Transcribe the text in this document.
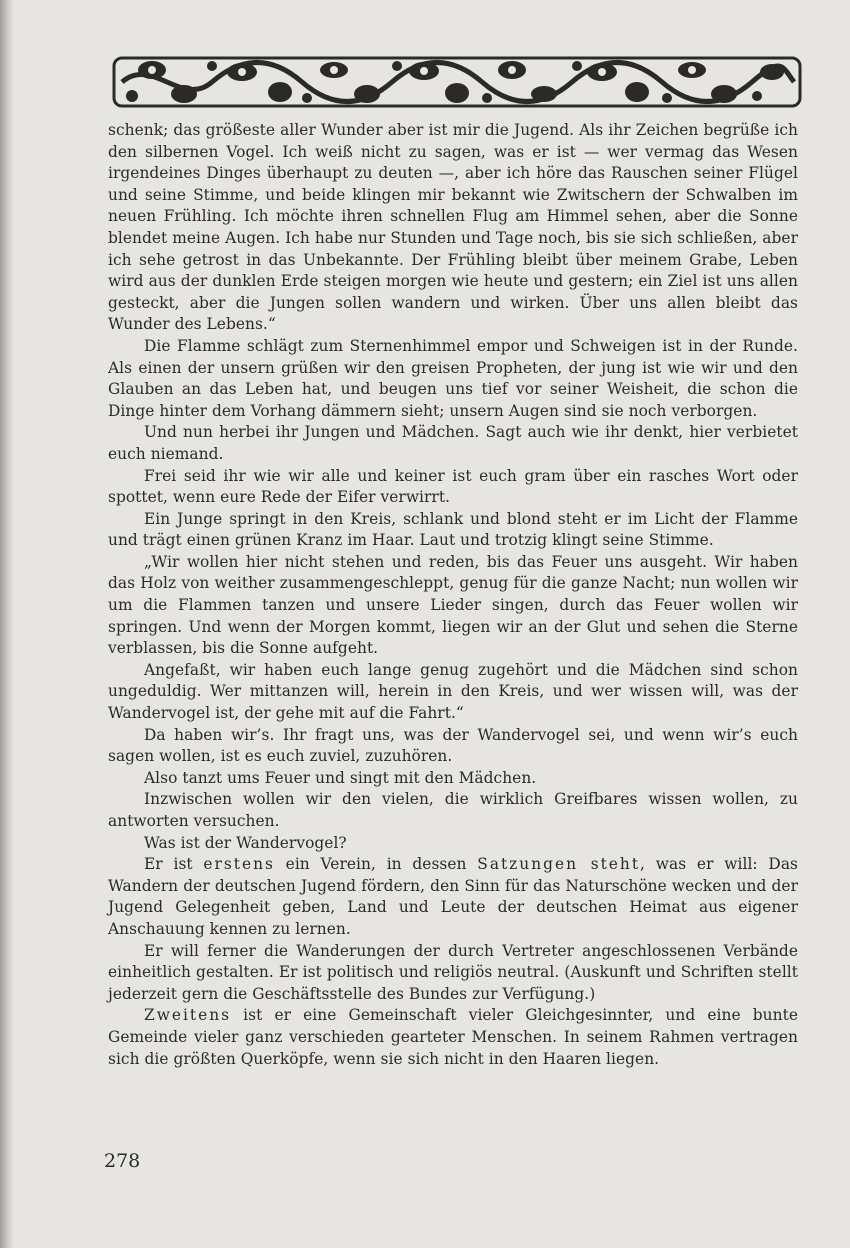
schenk; das größeste aller Wunder aber ist mir die Jugend. Als ihr Zeichen begrüße ich den silbernen Vogel. Ich weiß nicht zu sagen, was er ist — wer vermag das Wesen irgendeines Dinges überhaupt zu deuten —, aber ich höre das Rauschen seiner Flügel und seine Stimme, und beide klingen mir bekannt wie Zwitschern der Schwalben im neuen Frühling. Ich möchte ihren schnellen Flug am Himmel sehen, aber die Sonne blendet meine Augen. Ich habe nur Stunden und Tage noch, bis sie sich schließen, aber ich sehe getrost in das Unbekannte. Der Frühling bleibt über meinem Grabe, Leben wird aus der dunklen Erde steigen morgen wie heute und gestern; ein Ziel ist uns allen gesteckt, aber die Jungen sollen wandern und wirken. Über uns allen bleibt das Wunder des Lebens.“

Die Flamme schlägt zum Sternenhimmel empor und Schweigen ist in der Runde. Als einen der unsern grüßen wir den greisen Propheten, der jung ist wie wir und den Glauben an das Leben hat, und beugen uns tief vor seiner Weisheit, die schon die Dinge hinter dem Vorhang dämmern sieht; unsern Augen sind sie noch verborgen.

Und nun herbei ihr Jungen und Mädchen. Sagt auch wie ihr denkt, hier verbietet euch niemand.

Frei seid ihr wie wir alle und keiner ist euch gram über ein rasches Wort oder spottet, wenn eure Rede der Eifer verwirrt.

Ein Junge springt in den Kreis, schlank und blond steht er im Licht der Flamme und trägt einen grünen Kranz im Haar. Laut und trotzig klingt seine Stimme.

„Wir wollen hier nicht stehen und reden, bis das Feuer uns ausgeht. Wir haben das Holz von weither zusammengeschleppt, genug für die ganze Nacht; nun wollen wir um die Flammen tanzen und unsere Lieder singen, durch das Feuer wollen wir springen. Und wenn der Morgen kommt, liegen wir an der Glut und sehen die Sterne verblassen, bis die Sonne aufgeht.

Angefaßt, wir haben euch lange genug zugehört und die Mädchen sind schon ungeduldig. Wer mittanzen will, herein in den Kreis, und wer wissen will, was der Wandervogel ist, der gehe mit auf die Fahrt.“

Da haben wir’s. Ihr fragt uns, was der Wandervogel sei, und wenn wir’s euch sagen wollen, ist es euch zuviel, zuzuhören.

Also tanzt ums Feuer und singt mit den Mädchen.

Inzwischen wollen wir den vielen, die wirklich Greifbares wissen wollen, zu antworten versuchen.

Was ist der Wandervogel?

Er ist erstens ein Verein, in dessen Satzungen steht, was er will: Das Wandern der deutschen Jugend fördern, den Sinn für das Naturschöne wecken und der Jugend Gelegenheit geben, Land und Leute der deutschen Heimat aus eigener Anschauung kennen zu lernen.

Er will ferner die Wanderungen der durch Vertreter angeschlossenen Verbände einheitlich gestalten. Er ist politisch und religiös neutral. (Auskunft und Schriften stellt jederzeit gern die Geschäftsstelle des Bundes zur Verfügung.)

Zweitens ist er eine Gemeinschaft vieler Gleichgesinnter, und eine bunte Gemeinde vieler ganz verschieden gearteter Menschen. In seinem Rahmen vertragen sich die größten Querköpfe, wenn sie sich nicht in den Haaren liegen.

278
